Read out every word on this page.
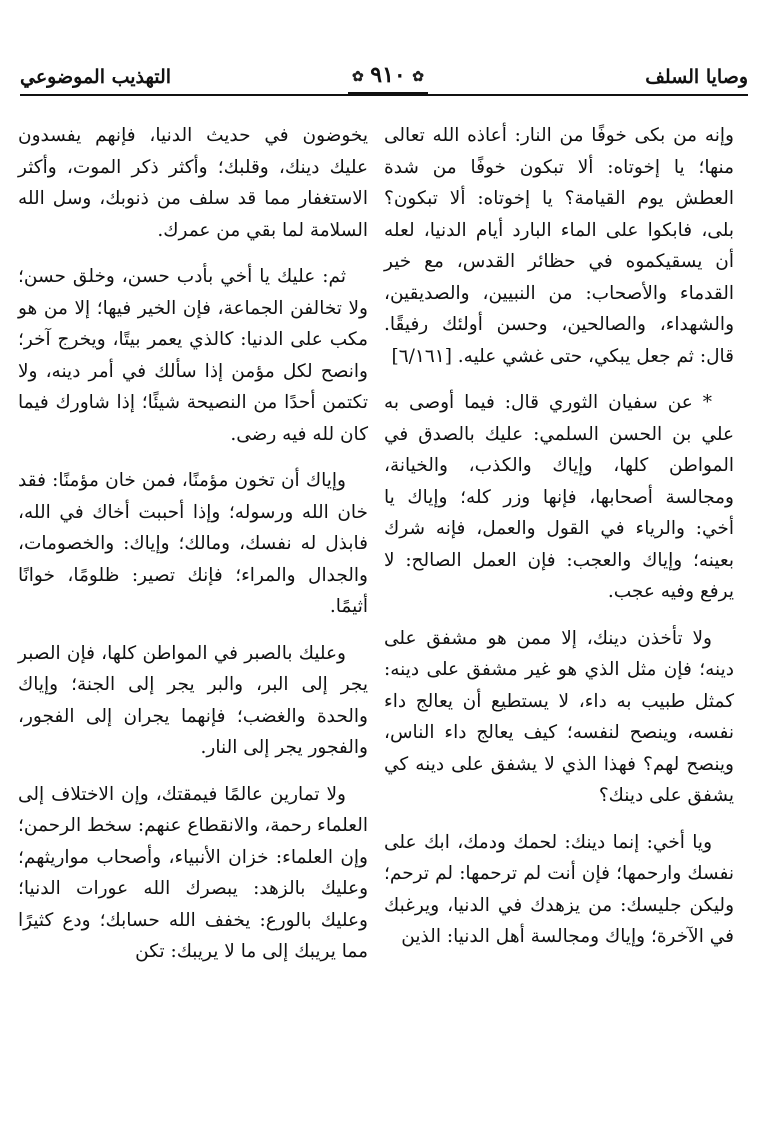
وصايا السلف
✿ ٩١٠ ✿
التهذيب الموضوعي

وإنه من بكى خوفًا من النار: أعاذه الله تعالى منها؛ يا إخوتاه: ألا تبكون خوفًا من شدة العطش يوم القيامة؟ يا إخوتاه: ألا تبكون؟ بلى، فابكوا على الماء البارد أيام الدنيا، لعله أن يسقيكموه في حظائر القدس، مع خير القدماء والأصحاب: من النبيين، والصديقين، والشهداء، والصالحين، وحسن أولئك رفيقًا. قال: ثم جعل يبكي، حتى غشي عليه. [٦/١٦١]

* عن سفيان الثوري قال: فيما أوصى به علي بن الحسن السلمي: عليك بالصدق في المواطن كلها، وإياك والكذب، والخيانة، ومجالسة أصحابها، فإنها وزر كله؛ وإياك يا أخي: والرياء في القول والعمل، فإنه شرك بعينه؛ وإياك والعجب: فإن العمل الصالح: لا يرفع وفيه عجب.

ولا تأخذن دينك، إلا ممن هو مشفق على دينه؛ فإن مثل الذي هو غير مشفق على دينه: كمثل طبيب به داء، لا يستطيع أن يعالج داء نفسه، وينصح لنفسه؛ كيف يعالج داء الناس، وينصح لهم؟ فهذا الذي لا يشفق على دينه كي يشفق على دينك؟

ويا أخي: إنما دينك: لحمك ودمك، ابك على نفسك وارحمها؛ فإن أنت لم ترحمها: لم ترحم؛ وليكن جليسك: من يزهدك في الدنيا، ويرغبك في الآخرة؛ وإياك ومجالسة أهل الدنيا: الذين

يخوضون في حديث الدنيا، فإنهم يفسدون عليك دينك، وقلبك؛ وأكثر ذكر الموت، وأكثر الاستغفار مما قد سلف من ذنوبك، وسل الله السلامة لما بقي من عمرك.

ثم: عليك يا أخي بأدب حسن، وخلق حسن؛ ولا تخالفن الجماعة، فإن الخير فيها؛ إلا من هو مكب على الدنيا: كالذي يعمر بيتًا، ويخرج آخر؛ وانصح لكل مؤمن إذا سألك في أمر دينه، ولا تكتمن أحدًا من النصيحة شيئًا؛ إذا شاورك فيما كان لله فيه رضى.

وإياك أن تخون مؤمنًا، فمن خان مؤمنًا: فقد خان الله ورسوله؛ وإذا أحببت أخاك في الله، فابذل له نفسك، ومالك؛ وإياك: والخصومات، والجدال والمراء؛ فإنك تصير: ظلومًا، خوانًا أثيمًا.

وعليك بالصبر في المواطن كلها، فإن الصبر يجر إلى البر، والبر يجر إلى الجنة؛ وإياك والحدة والغضب؛ فإنهما يجران إلى الفجور، والفجور يجر إلى النار.

ولا تمارين عالمًا فيمقتك، وإن الاختلاف إلى العلماء رحمة، والانقطاع عنهم: سخط الرحمن؛ وإن العلماء: خزان الأنبياء، وأصحاب مواريثهم؛ وعليك بالزهد: يبصرك الله عورات الدنيا؛ وعليك بالورع: يخفف الله حسابك؛ ودع كثيرًا مما يريبك إلى ما لا يريبك: تكن
